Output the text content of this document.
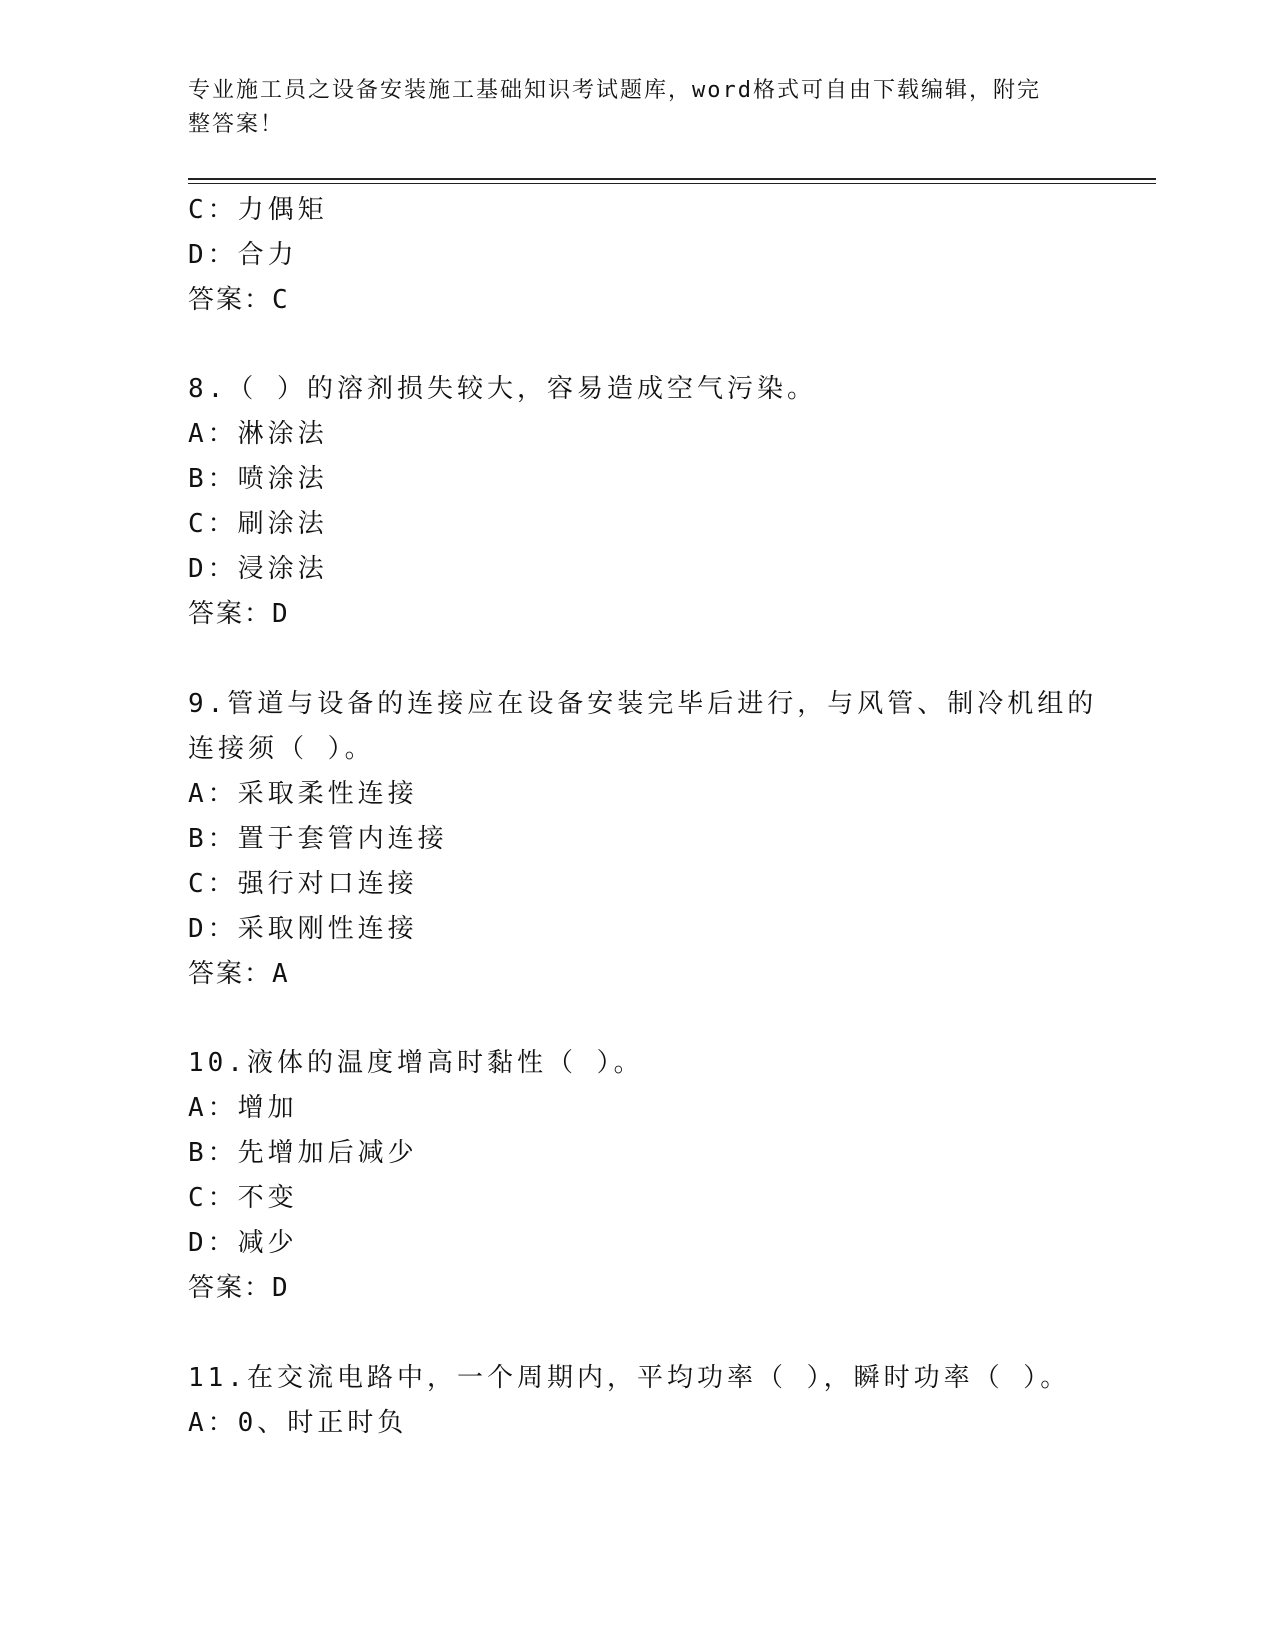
专业施工员之设备安装施工基础知识考试题库，word格式可自由下载编辑，附完
整答案！
C：力偶矩
D：合力
答案：C
8.（ ）的溶剂损失较大，容易造成空气污染。
A：淋涂法
B：喷涂法
C：刷涂法
D：浸涂法
答案：D
9.管道与设备的连接应在设备安装完毕后进行，与风管、制冷机组的
连接须（ ）。
A：采取柔性连接
B：置于套管内连接
C：强行对口连接
D：采取刚性连接
答案：A
10.液体的温度增高时黏性（ ）。
A：增加
B：先增加后减少
C：不变
D：减少
答案：D
11.在交流电路中，一个周期内，平均功率（ ），瞬时功率（ ）。
A：0、时正时负
